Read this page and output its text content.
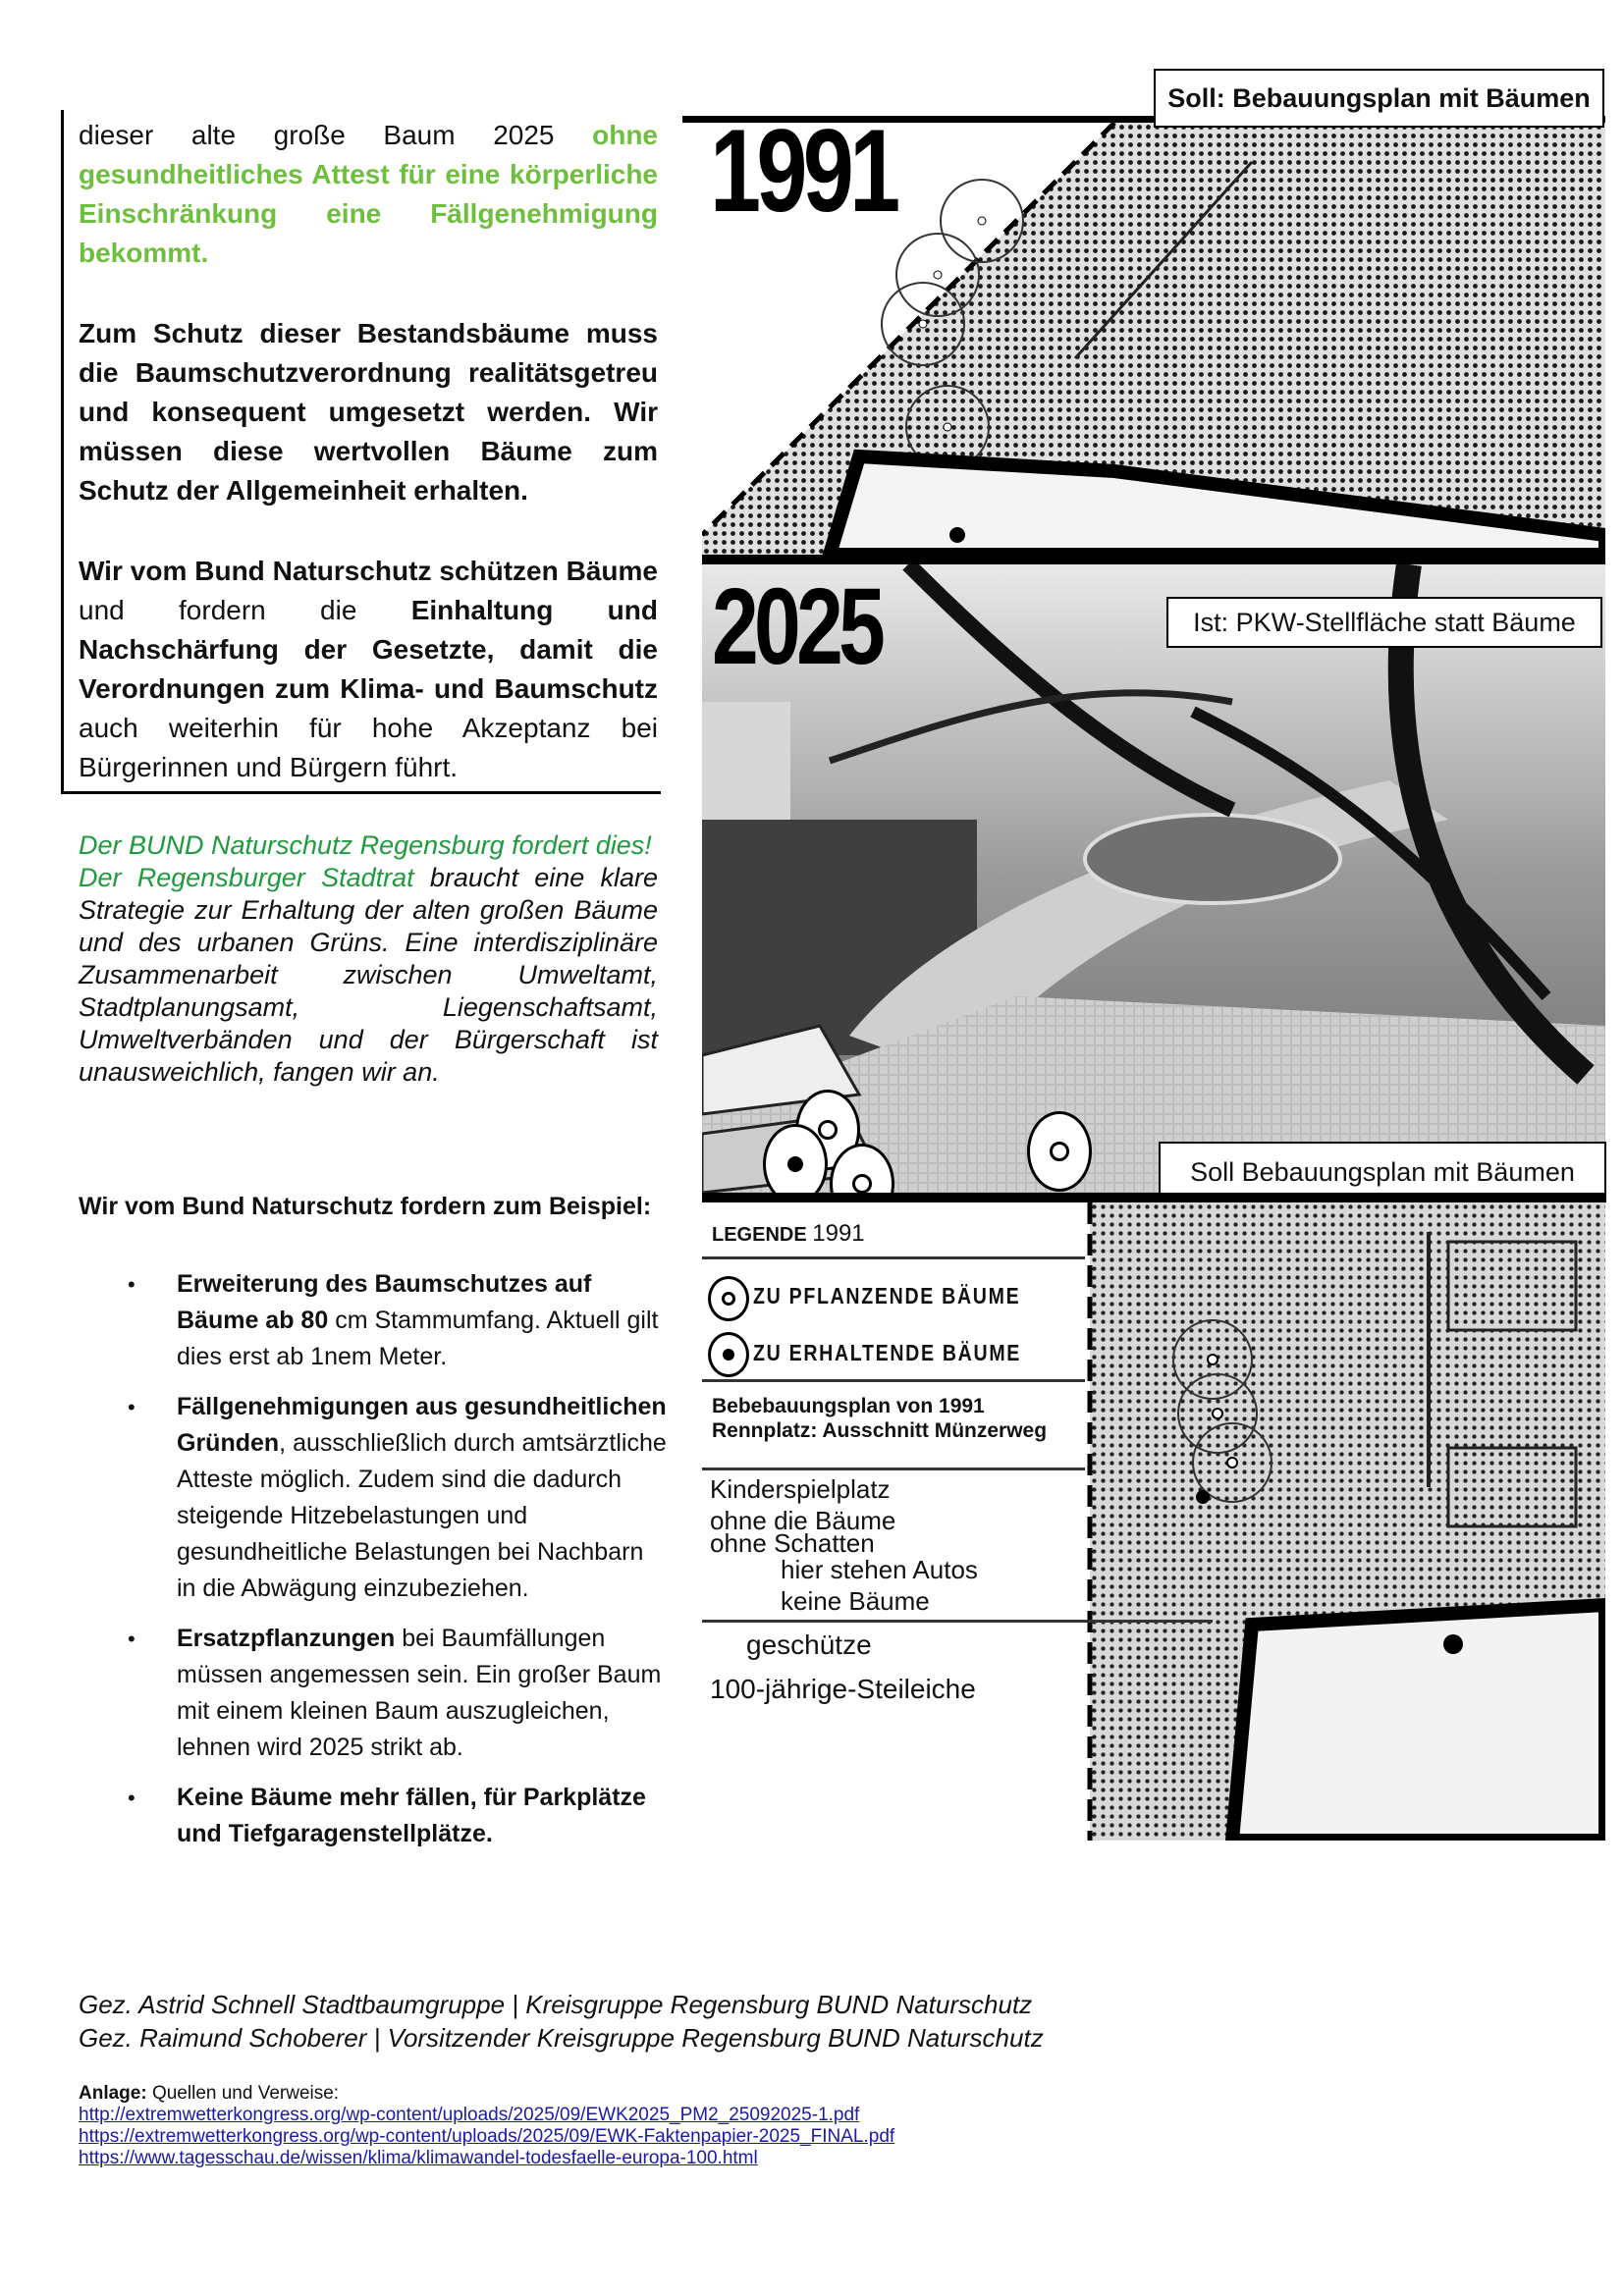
dieser alte große Baum 2025 ohne gesundheitliches Attest für eine körperliche Einschränkung eine Fällgenehmigung bekommt.

Zum Schutz dieser Bestandsbäume muss die Baumschutzverordnung realitätsgetreu und konsequent umgesetzt werden. Wir müssen diese wertvollen Bäume zum Schutz der Allgemeinheit erhalten.

Wir vom Bund Naturschutz schützen Bäume und fordern die Einhaltung und Nachschärfung der Gesetzte, damit die Verordnungen zum Klima- und Baumschutz auch weiterhin für hohe Akzeptanz bei Bürgerinnen und Bürgern führt.

Der BUND Naturschutz Regensburg fordert dies!

Der Regensburger Stadtrat braucht eine klare Strategie zur Erhaltung der alten großen Bäume und des urbanen Grüns. Eine interdisziplinäre Zusammenarbeit zwischen Umweltamt, Stadtplanungsamt, Liegenschaftsamt, Umweltverbänden und der Bürgerschaft ist unausweichlich, fangen wir an.

Wir vom Bund Naturschutz fordern zum Beispiel:
• Erweiterung des Baumschutzes auf Bäume ab 80 cm Stammumfang. Aktuell gilt dies erst ab 1nem Meter.
• Fällgenehmigungen aus gesundheitlichen Gründen, ausschließlich durch amtsärztliche Atteste möglich. Zudem sind die dadurch steigende Hitzebelastungen und gesundheitliche Belastungen bei Nachbarn in die Abwägung einzubeziehen.
• Ersatzpflanzungen bei Baumfällungen müssen angemessen sein. Ein großer Baum mit einem kleinen Baum auszugleichen, lehnen wird 2025 strikt ab.
• Keine Bäume mehr fällen, für Parkplätze und Tiefgaragenstellplätze.
Gez. Astrid Schnell Stadtbaumgruppe | Kreisgruppe Regensburg BUND Naturschutz
Gez. Raimund Schoberer | Vorsitzender Kreisgruppe Regensburg BUND Naturschutz
Anlage: Quellen und Verweise:
http://extremwetterkongress.org/wp-content/uploads/2025/09/EWK2025_PM2_25092025-1.pdf
https://extremwetterkongress.org/wp-content/uploads/2025/09/EWK-Faktenpapier-2025_FINAL.pdf
https://www.tagesschau.de/wissen/klima/klimawandel-todesfaelle-europa-100.html
1991
Soll: Bebauungsplan mit Bäumen
2025	Ist: PKW-Stellfläche statt Bäume
Soll Bebauungsplan mit Bäumen
LEGENDE 1991
ZU PFLANZENDE BÄUME
ZU ERHALTENDE BÄUME
Bebebauungsplan von 1991 Rennplatz: Ausschnitt Münzerweg
Kinderspielplatz
ohne die Bäume
ohne Schatten
hier stehen Autos
keine Bäume
geschütze
100-jährige-Steileiche
